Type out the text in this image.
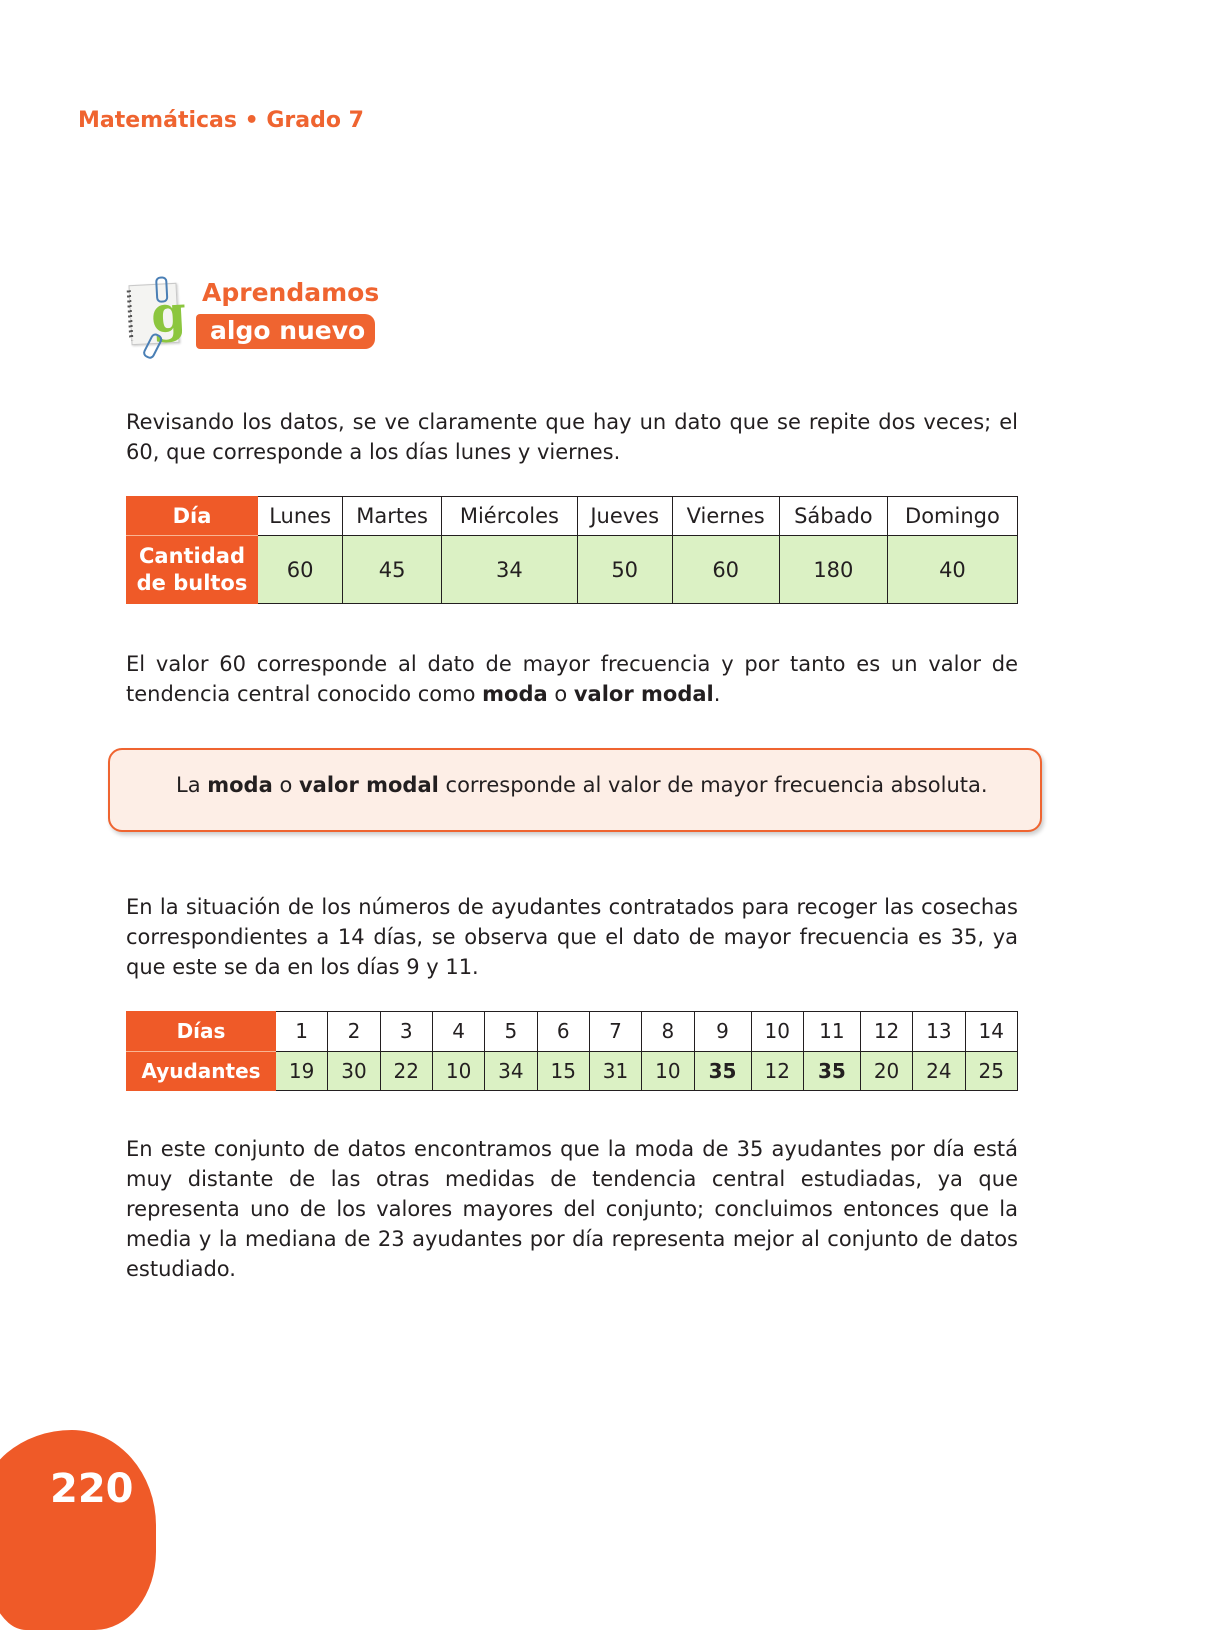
Matemáticas • Grado 7
g Aprendamos
algo nuevo

Revisando los datos, se ve claramente que hay un dato que se repite dos veces; el 60, que corresponde a los días lunes y viernes.

Día	Lunes	Martes	Miércoles	Jueves	Viernes	Sábado	Domingo
Cantidad de bultos	60	45	34	50	60	180	40

El valor 60 corresponde al dato de mayor frecuencia y por tanto es un valor de tendencia central conocido como moda o valor modal.

La moda o valor modal corresponde al valor de mayor frecuencia absoluta.

En la situación de los números de ayudantes contratados para recoger las cosechas correspondientes a 14 días, se observa que el dato de mayor frecuencia es 35, ya que este se da en los días 9 y 11.

Días	1	2	3	4	5	6	7	8	9	10	11	12	13	14
Ayudantes	19	30	22	10	34	15	31	10	35	12	35	20	24	25

En este conjunto de datos encontramos que la moda de 35 ayudantes por día está muy distante de las otras medidas de tendencia central estudiadas, ya que representa uno de los valores mayores del conjunto; concluimos entonces que la media y la mediana de 23 ayudantes por día representa mejor al conjunto de datos estudiado.

220
